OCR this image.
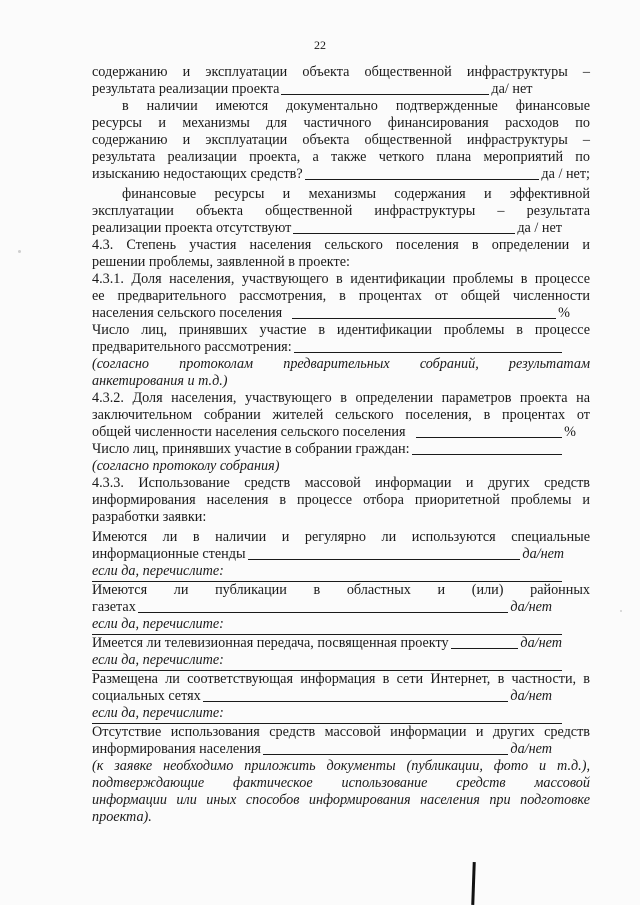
22

содержанию и эксплуатации объекта общественной инфраструктуры –

результата реализации проекта	да/ нет

в наличии имеются документально подтвержденные финансовые

ресурсы и механизмы для частичного финансирования расходов по

содержанию и эксплуатации объекта общественной инфраструктуры –

результата реализации проекта, а также четкого плана мероприятий по

изысканию недостающих средств?	да / нет;

финансовые ресурсы и механизмы содержания и эффективной

эксплуатации объекта общественной инфраструктуры – результата

реализации проекта отсутствуют	да / нет

4.3. Степень участия населения сельского поселения в определении и

решении проблемы, заявленной в проекте:

4.3.1. Доля населения, участвующего в идентификации проблемы в процессе

ее предварительного рассмотрения, в процентах от общей численности

населения сельского поселения	%

Число лиц, принявших участие в идентификации проблемы в процессе

предварительного рассмотрения:

(согласно протоколам предварительных собраний, результатам

анкетирования и т.д.)

4.3.2. Доля населения, участвующего в определении параметров проекта на

заключительном собрании жителей сельского поселения, в процентах от

общей численности населения сельского поселения	%
Число лиц, принявших участие в собрании граждан:

(согласно протоколу собрания)

4.3.3. Использование средств массовой информации и других средств

информирования населения в процессе отбора приоритетной проблемы и

разработки заявки:

Имеются ли в наличии и регулярно ли используются специальные

информационные стенды	да/нет

если да, перечислите:

Имеются ли публикации в областных и (или) районных

газетах	да/нет

если да, перечислите:

Имеется ли телевизионная передача, посвященная проекту	да/нет

если да, перечислите:

Размещена ли соответствующая информация в сети Интернет, в частности, в

социальных сетях	да/нет

если да, перечислите:

Отсутствие использования средств массовой информации и других средств

информирования населения	да/нет

(к заявке необходимо приложить документы (публикации, фото и т.д.),

подтверждающие фактическое использование средств массовой

информации или иных способов информирования населения при подготовке

проекта).
